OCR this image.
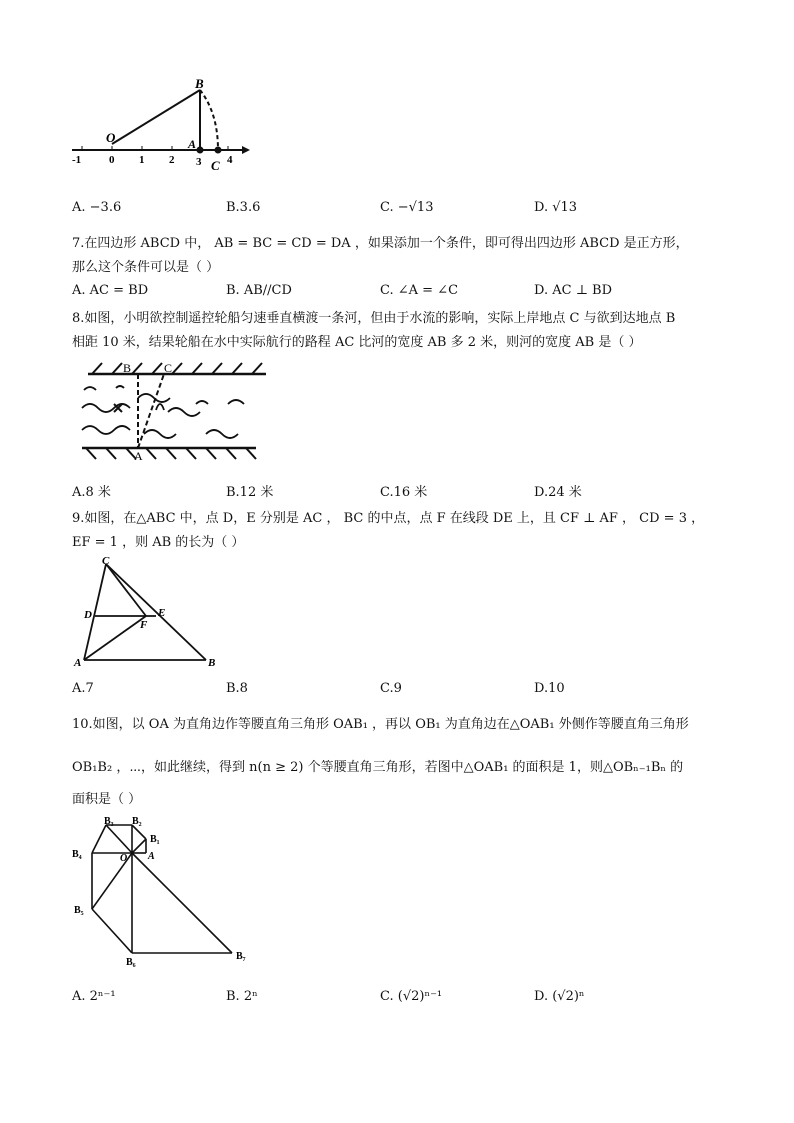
B
O	A
C
-1	0 1 2 3 4
A. −3.6	B.3.6	C. −√13	D. √13
7.在四边形 ABCD 中， AB = BC = CD = DA ，如果添加一个条件，即可得出四边形 ABCD 是正方形，
那么这个条件可以是（ ）
A. AC = BD	B. AB//CD	C. ∠A = ∠C	D. AC ⊥ BD
8.如图，小明欲控制遥控轮船匀速垂直横渡一条河，但由于水流的影响，实际上岸地点 C 与欲到达地点 B
相距 10 米，结果轮船在水中实际航行的路程 AC 比河的宽度 AB 多 2 米，则河的宽度 AB 是（ ）
B	C
A
A.8 米	B.12 米	C.16 米	D.24 米
9.如图，在△ABC 中，点 D，E 分别是 AC ， BC 的中点，点 F 在线段 DE 上，且 CF ⊥ AF ， CD = 3 ，
EF = 1 ，则 AB 的长为（ ）
C
D	E
F
A	B
A.7	B.8	C.9	D.10
10.如图，以 OA 为直角边作等腰直角三角形 OAB₁ ，再以 OB₁ 为直角边在△OAB₁ 外侧作等腰直角三角形
OB₁B₂ ，⋯，如此继续，得到 n(n ≥ 2) 个等腰直角三角形，若图中△OAB₁ 的面积是 1，则△OBₙ₋₁Bₙ 的
面积是（ ）
B₃ B₂
B₁
B₄	O A
B₅
B₆
B₇
A. 2ⁿ⁻¹	B. 2ⁿ	C. (√2)ⁿ⁻¹	D. (√2)ⁿ
